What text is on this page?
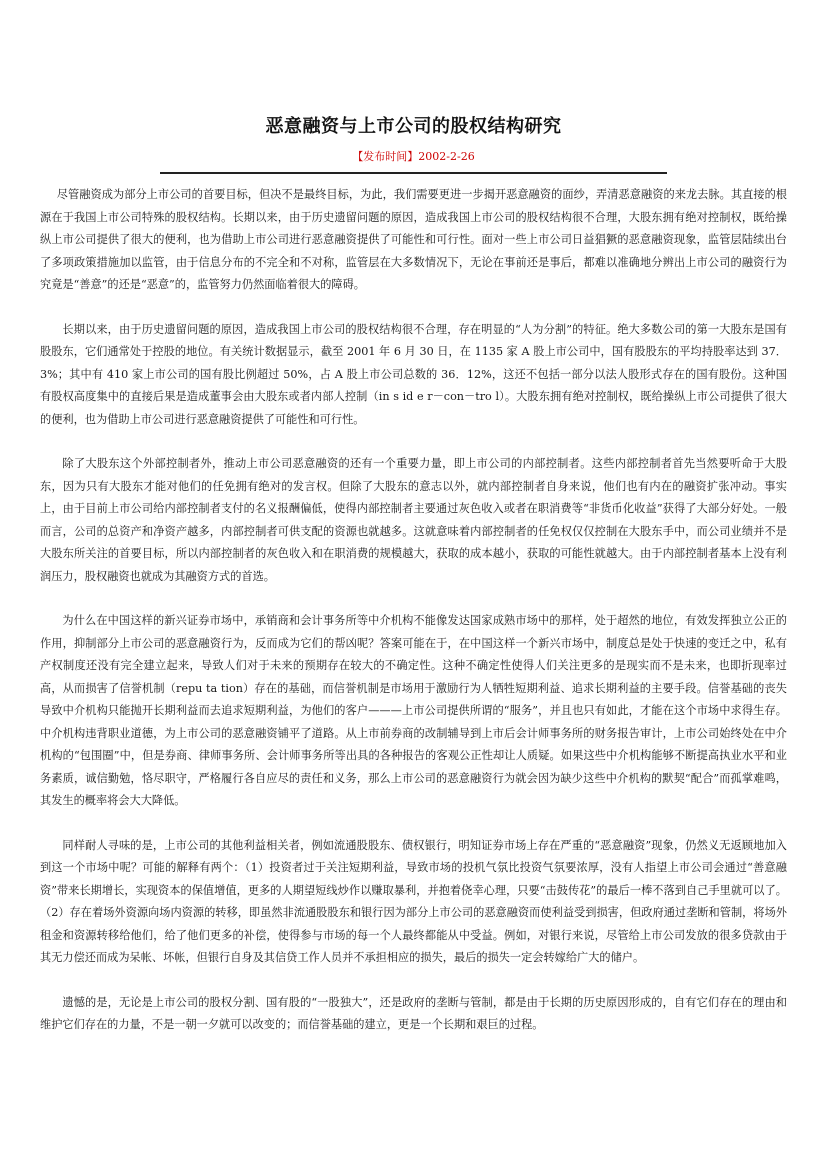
恶意融资与上市公司的股权结构研究
【发布时间】2002-2-26

尽管融资成为部分上市公司的首要目标，但决不是最终目标，为此，我们需要更进一步揭开恶意融资的面纱，弄清恶意融资的来龙去脉。其直接的根源在于我国上市公司特殊的股权结构。长期以来，由于历史遗留问题的原因，造成我国上市公司的股权结构很不合理，大股东拥有绝对控制权，既给操纵上市公司提供了很大的便利，也为借助上市公司进行恶意融资提供了可能性和可行性。面对一些上市公司日益猖獗的恶意融资现象，监管层陆续出台了多项政策措施加以监管，由于信息分布的不完全和不对称，监管层在大多数情况下，无论在事前还是事后，都难以准确地分辨出上市公司的融资行为究竟是“善意”的还是“恶意”的，监管努力仍然面临着很大的障碍。

长期以来，由于历史遗留问题的原因，造成我国上市公司的股权结构很不合理，存在明显的“人为分割”的特征。绝大多数公司的第一大股东是国有股股东，它们通常处于控股的地位。有关统计数据显示，截至 2001 年 6 月 30 日，在 1135 家 A 股上市公司中，国有股股东的平均持股率达到 37．3%；其中有 410 家上市公司的国有股比例超过 50%，占 A 股上市公司总数的 36．12%，这还不包括一部分以法人股形式存在的国有股份。这种国有股权高度集中的直接后果是造成董事会由大股东或者内部人控制（in s id e r－con－tro l）。大股东拥有绝对控制权，既给操纵上市公司提供了很大的便利，也为借助上市公司进行恶意融资提供了可能性和可行性。

除了大股东这个外部控制者外，推动上市公司恶意融资的还有一个重要力量，即上市公司的内部控制者。这些内部控制者首先当然要听命于大股东，因为只有大股东才能对他们的任免拥有绝对的发言权。但除了大股东的意志以外，就内部控制者自身来说，他们也有内在的融资扩张冲动。事实上，由于目前上市公司给内部控制者支付的名义报酬偏低，使得内部控制者主要通过灰色收入或者在职消费等“非货币化收益”获得了大部分好处。一般而言，公司的总资产和净资产越多，内部控制者可供支配的资源也就越多。这就意味着内部控制者的任免权仅仅控制在大股东手中，而公司业绩并不是大股东所关注的首要目标，所以内部控制者的灰色收入和在职消费的规模越大，获取的成本越小，获取的可能性就越大。由于内部控制者基本上没有利润压力，股权融资也就成为其融资方式的首选。

为什么在中国这样的新兴证券市场中，承销商和会计事务所等中介机构不能像发达国家成熟市场中的那样，处于超然的地位，有效发挥独立公正的作用，抑制部分上市公司的恶意融资行为，反而成为它们的帮凶呢？答案可能在于，在中国这样一个新兴市场中，制度总是处于快速的变迁之中，私有产权制度还没有完全建立起来，导致人们对于未来的预期存在较大的不确定性。这种不确定性使得人们关注更多的是现实而不是未来，也即折现率过高，从而损害了信誉机制（repu ta tion）存在的基础，而信誉机制是市场用于激励行为人牺牲短期利益、追求长期利益的主要手段。信誉基础的丧失导致中介机构只能抛开长期利益而去追求短期利益，为他们的客户———上市公司提供所谓的“服务”，并且也只有如此，才能在这个市场中求得生存。中介机构违背职业道德，为上市公司的恶意融资铺平了道路。从上市前券商的改制辅导到上市后会计师事务所的财务报告审计，上市公司始终处在中介机构的“包围圈”中，但是券商、律师事务所、会计师事务所等出具的各种报告的客观公正性却让人质疑。如果这些中介机构能够不断提高执业水平和业务素质，诚信勤勉，恪尽职守，严格履行各自应尽的责任和义务，那么上市公司的恶意融资行为就会因为缺少这些中介机构的默契“配合”而孤掌难鸣，其发生的概率将会大大降低。

同样耐人寻味的是，上市公司的其他利益相关者，例如流通股股东、债权银行，明知证券市场上存在严重的“恶意融资”现象，仍然义无返顾地加入到这一个市场中呢？可能的解释有两个：（1）投资者过于关注短期利益，导致市场的投机气氛比投资气氛要浓厚，没有人指望上市公司会通过“善意融资”带来长期增长，实现资本的保值增值，更多的人期望短线炒作以赚取暴利，并抱着侥幸心理，只要“击鼓传花”的最后一棒不落到自己手里就可以了。（2）存在着场外资源向场内资源的转移，即虽然非流通股股东和银行因为部分上市公司的恶意融资而使利益受到损害，但政府通过垄断和管制，将场外租金和资源转移给他们，给了他们更多的补偿，使得参与市场的每一个人最终都能从中受益。例如，对银行来说，尽管给上市公司发放的很多贷款由于其无力偿还而成为呆帐、坏帐，但银行自身及其信贷工作人员并不承担相应的损失，最后的损失一定会转嫁给广大的储户。

遗憾的是，无论是上市公司的股权分割、国有股的“一股独大”，还是政府的垄断与管制，都是由于长期的历史原因形成的，自有它们存在的理由和维护它们存在的力量，不是一朝一夕就可以改变的；而信誉基础的建立，更是一个长期和艰巨的过程。
